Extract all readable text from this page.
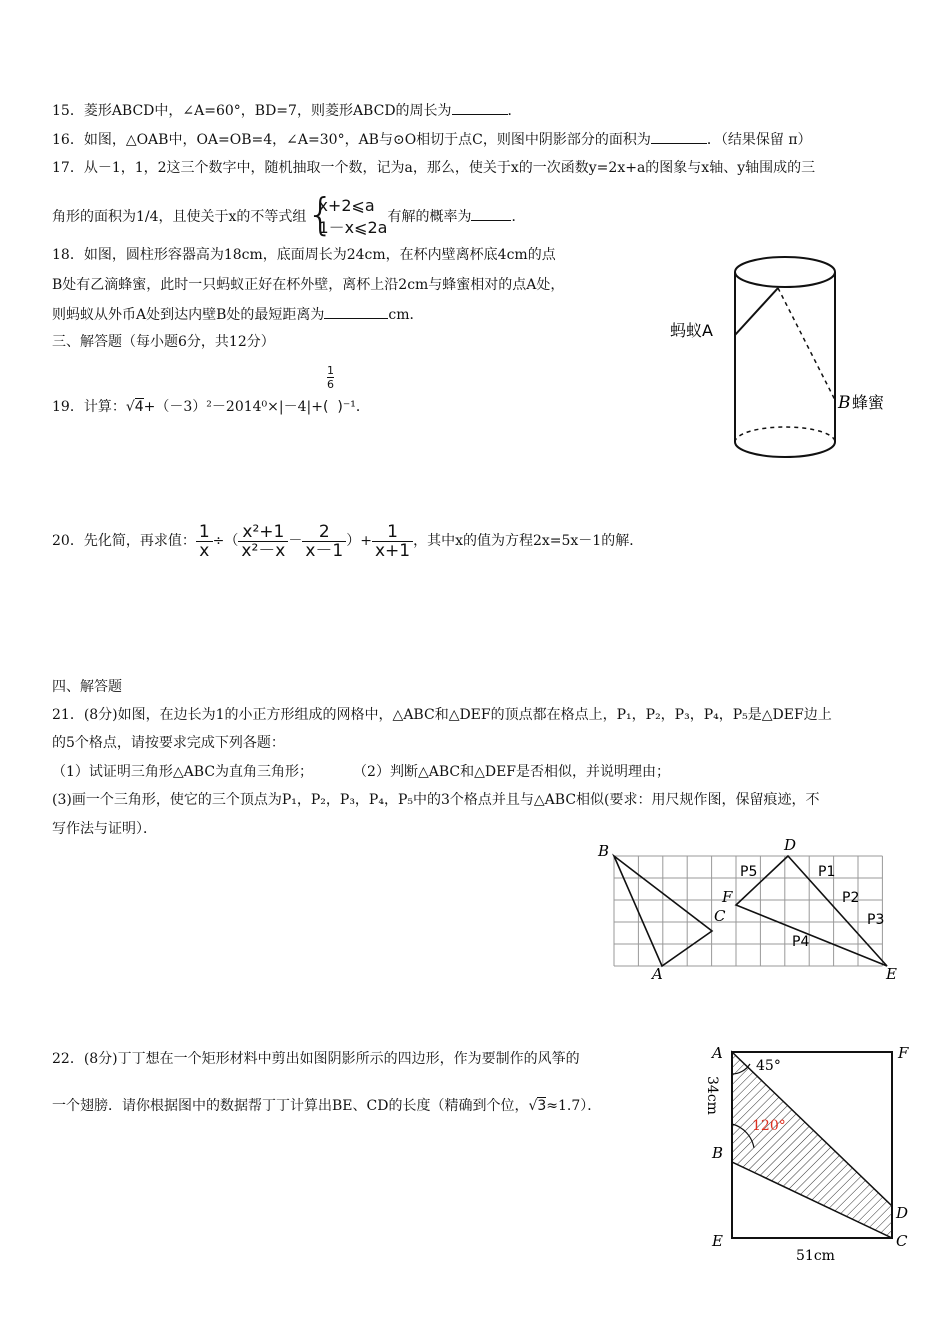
15．菱形ABCD中，∠A=60°，BD=7，则菱形ABCD的周长为	．
16．如图，△OAB中，OA=OB=4，∠A=30°，AB与⊙O相切于点C，则图中阴影部分的面积为	．（结果保留 π）
17．从－1，1，2这三个数字中，随机抽取一个数，记为a，那么，使关于x的一次函数y=2x+a的图象与x轴、y轴围成的三
角形的面积为1/4，且使关于x的不等式组 {
x+2⩽a
1－x⩽2a
有解的概率为	．
18．如图，圆柱形容器高为18cm，底面周长为24cm，在杯内壁离杯底4cm的点
B处有乙滴蜂蜜，此时一只蚂蚁正好在杯外壁，离杯上沿2cm与蜂蜜相对的点A处，
则蚂蚁从外币A处到达内壁B处的最短距离为	cm．
蚂蚁A
B 蜂蜜
三、解答题（每小题6分，共12分）
19．计算：√4+（－3）²－2014⁰×|－4|+(
$\frac{1}{6}$
)⁻¹．
20．先化简，再求值： $\frac{1}{x}$ ÷（ $\frac{\text{x²+1}}{\text{x²－x}} - \frac{2}{x-1}$ ）+ $\frac{1}{x+1}$ ，其中x的值为方程2x=5x－1的解．
四、解答题
21．(8分)如图，在边长为1的小正方形组成的网格中，△ABC和△DEF的顶点都在格点上，P₁，P₂，P₃，P₄，P₅是△DEF边上
的5个格点，请按要求完成下列各题：
（1）试证明三角形△ABC为直角三角形；	（2）判断△ABC和△DEF是否相似，并说明理由；
(3)画一个三角形，使它的三个顶点为P₁，P₂，P₃，P₄，P₅中的3个格点并且与△ABC相似(要求：用尺规作图，保留痕迹，不
写作法与证明）．
B
A
C
D
F
E
P5	P1
P2
P3
P4
22．(8分)丁丁想在一个矩形材料中剪出如图阴影所示的四边形，作为要制作的风筝的
一个翅膀．请你根据图中的数据帮丁丁计算出BE、CD的长度（精确到个位，√3≈1.7）．
45°
120°
A	F
B
E
D
C
34cm
51cm
